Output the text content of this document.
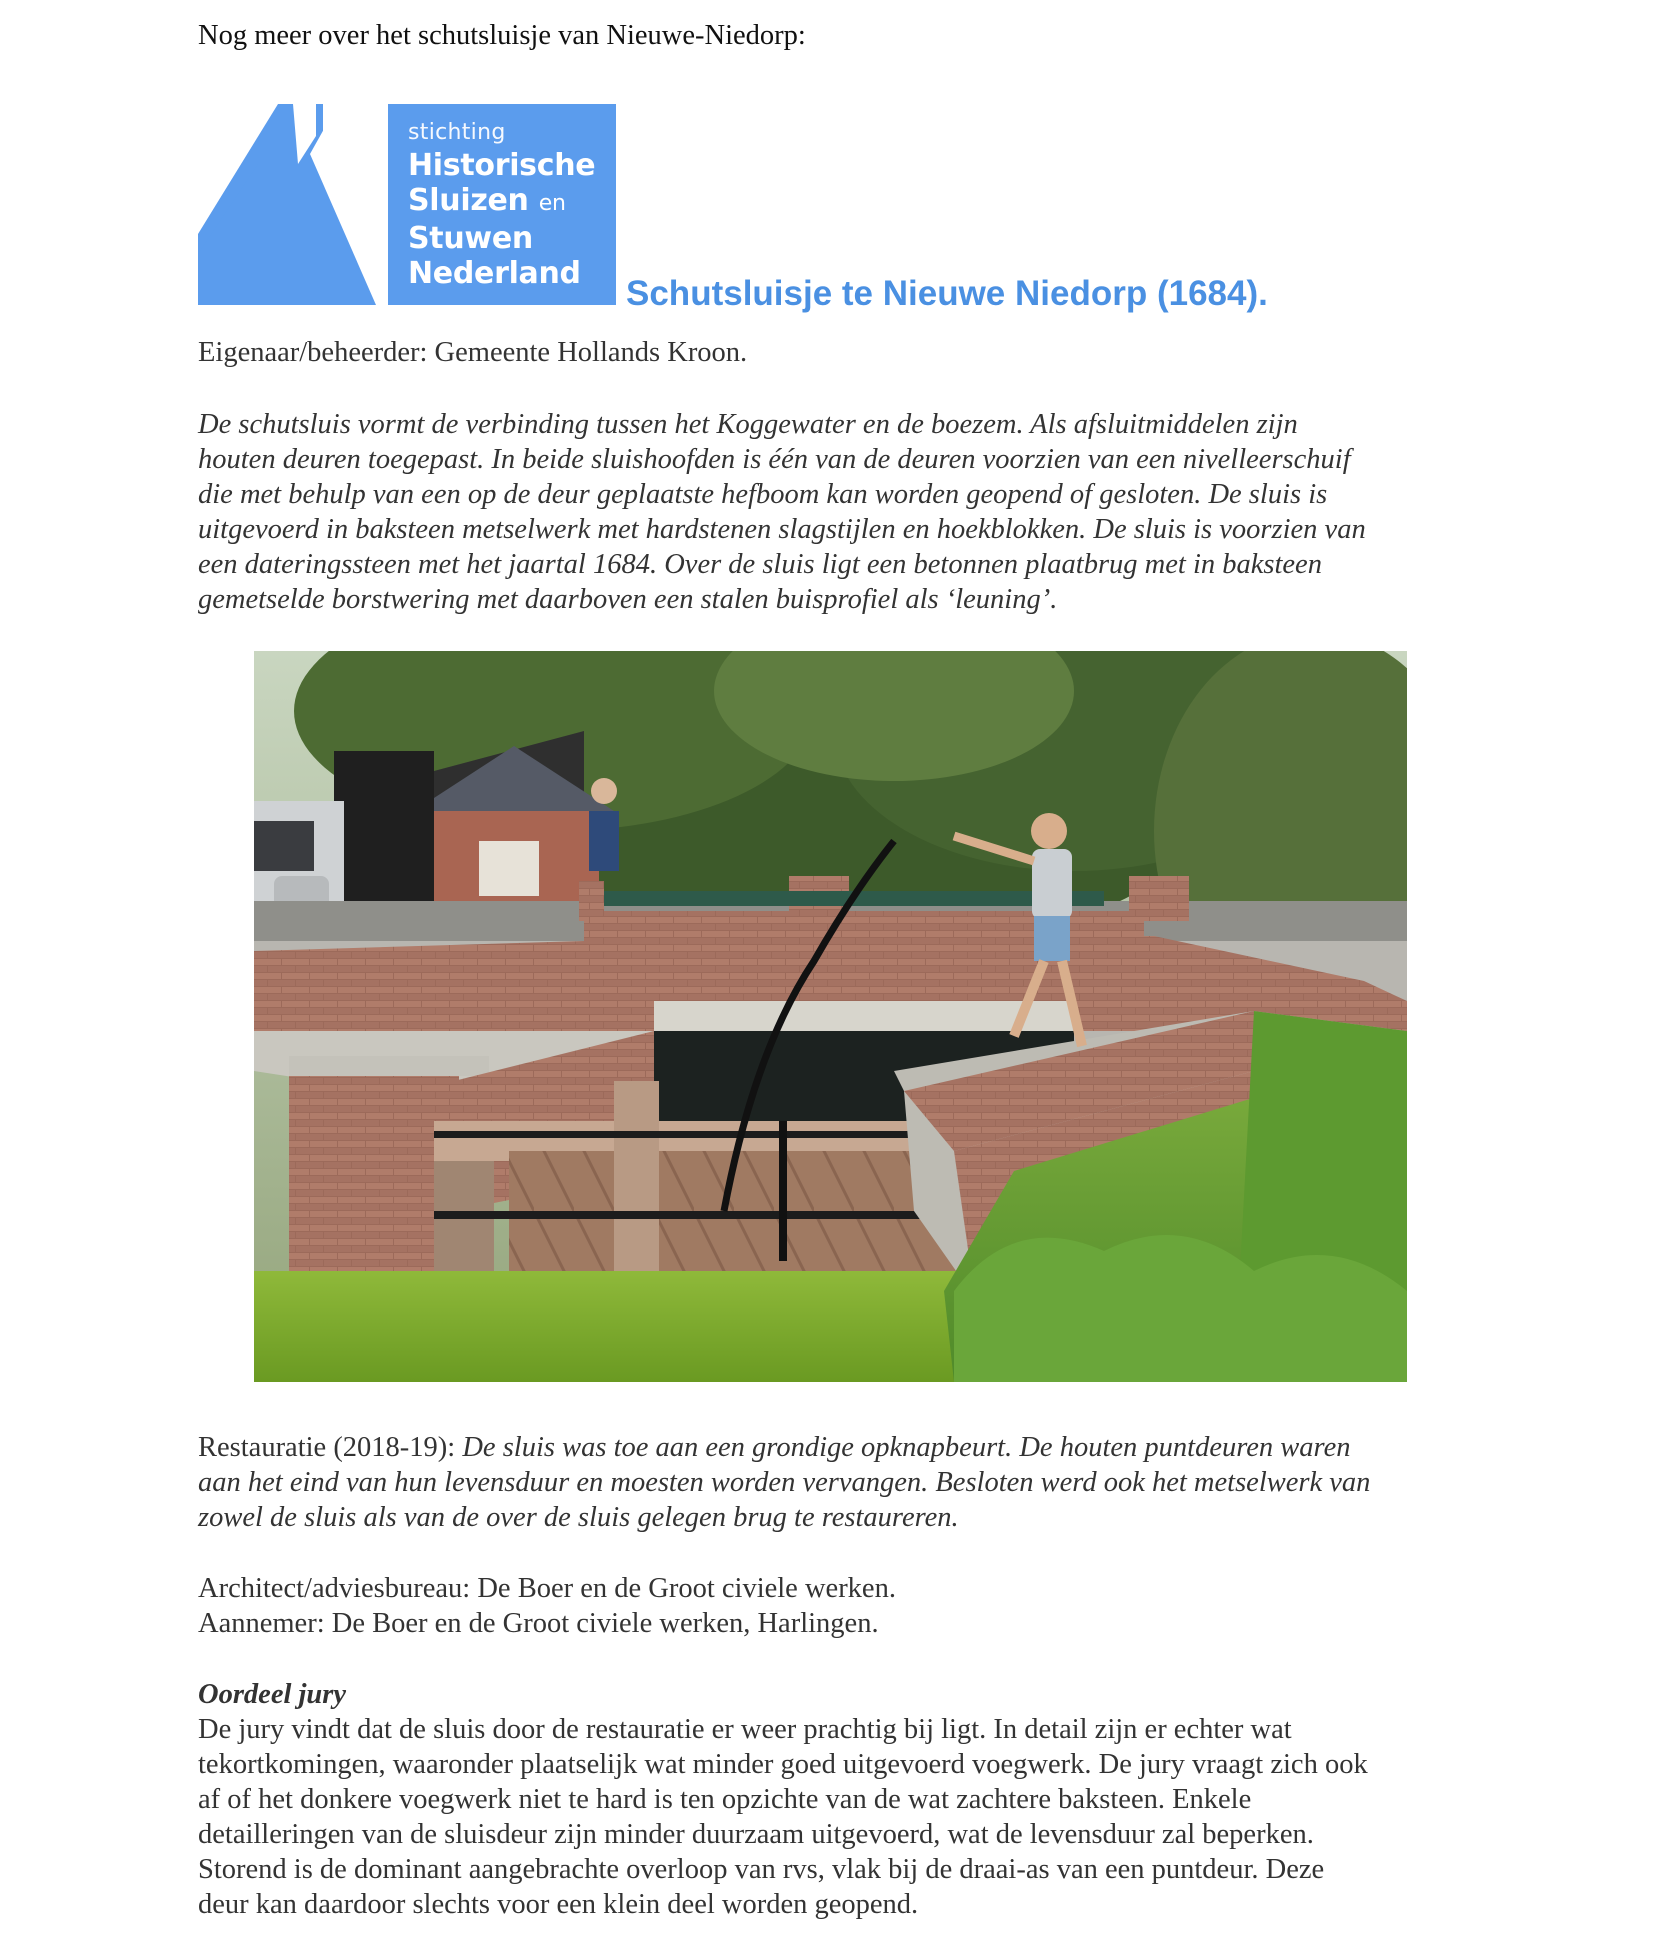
Nog meer over het schutsluisje van Nieuwe-Niedorp:

stichting
Historische
Sluizen en
Stuwen
Nederland
Schutsluisje te Nieuwe Niedorp (1684).

Eigenaar/beheerder: Gemeente Hollands Kroon.

De schutsluis vormt de verbinding tussen het Koggewater en de boezem. Als afsluitmiddelen zijn
houten deuren toegepast. In beide sluishoofden is één van de deuren voorzien van een nivelleerschuif
die met behulp van een op de deur geplaatste hefboom kan worden geopend of gesloten. De sluis is
uitgevoerd in baksteen metselwerk met hardstenen slagstijlen en hoekblokken. De sluis is voorzien van
een dateringssteen met het jaartal 1684. Over de sluis ligt een betonnen plaatbrug met in baksteen
gemetselde borstwering met daarboven een stalen buisprofiel als ‘leuning’.

Restauratie (2018-19): De sluis was toe aan een grondige opknapbeurt. De houten puntdeuren waren
aan het eind van hun levensduur en moesten worden vervangen. Besloten werd ook het metselwerk van
zowel de sluis als van de over de sluis gelegen brug te restaureren.

Architect/adviesbureau: De Boer en de Groot civiele werken.
Aannemer: De Boer en de Groot civiele werken, Harlingen.

Oordeel jury

De jury vindt dat de sluis door de restauratie er weer prachtig bij ligt. In detail zijn er echter wat
tekortkomingen, waaronder plaatselijk wat minder goed uitgevoerd voegwerk. De jury vraagt zich ook
af of het donkere voegwerk niet te hard is ten opzichte van de wat zachtere baksteen. Enkele
detailleringen van de sluisdeur zijn minder duurzaam uitgevoerd, wat de levensduur zal beperken.
Storend is de dominant aangebrachte overloop van rvs, vlak bij de draai-as van een puntdeur. Deze
deur kan daardoor slechts voor een klein deel worden geopend.
